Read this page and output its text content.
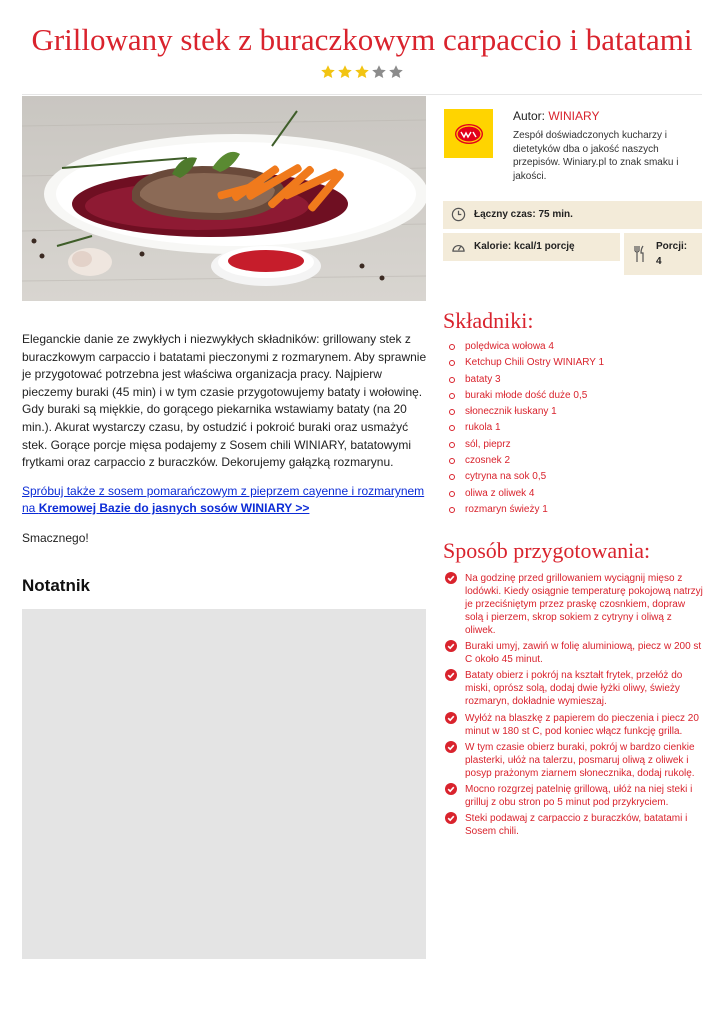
Grillowany stek z buraczkowym carpaccio i batatami
Autor: WINIARY
Zespół doświadczonych kucharzy i dietetyków dba o jakość naszych przepisów. Winiary.pl to znak smaku i jakości.
Łączny czas: 75 min.
Kalorie: kcal/1 porcję	Porcji:
4

Eleganckie danie ze zwykłych i niezwykłych składników: grillowany stek z buraczkowym carpaccio i batatami pieczonymi z rozmarynem. Aby sprawnie je przygotować potrzebna jest właściwa organizacja pracy. Najpierw pieczemy buraki (45 min) i w tym czasie przygotowujemy bataty i wołowinę. Gdy buraki są miękkie, do gorącego piekarnika wstawiamy bataty (na 20 min.). Akurat wystarczy czasu, by ostudzić i pokroić buraki oraz usmażyć stek. Gorące porcje mięsa podajemy z Sosem chili WINIARY, batatowymi frytkami oraz carpaccio z buraczków. Dekorujemy gałązką rozmarynu.

Spróbuj także z sosem pomarańczowym z pieprzem cayenne i rozmarynem na Kremowej Bazie do jasnych sosów WINIARY >>
Smacznego!
Notatnik
Składniki:
polędwica wołowa 4
Ketchup Chili Ostry WINIARY 1
bataty 3
buraki młode dość duże 0,5
słonecznik łuskany 1
rukola 1
sól, pieprz
czosnek 2
cytryna na sok 0,5
oliwa z oliwek 4
rozmaryn świeży 1
Sposób przygotowania:
Na godzinę przed grillowaniem wyciągnij mięso z lodówki. Kiedy osiągnie temperaturę pokojową natrzyj je przeciśniętym przez praskę czosnkiem, dopraw solą i pierzem, skrop sokiem z cytryny i oliwą z oliwek.
Buraki umyj, zawiń w folię aluminiową, piecz w 200 st C około 45 minut.
Bataty obierz i pokrój na kształt frytek, przełóż do miski, oprósz solą, dodaj dwie łyżki oliwy, świeży rozmaryn, dokładnie wymieszaj.
Wyłóż na blaszkę z papierem do pieczenia i piecz 20 minut w 180 st C, pod koniec włącz funkcję grilla.
W tym czasie obierz buraki, pokrój w bardzo cienkie plasterki, ułóż na talerzu, posmaruj oliwą z oliwek i posyp prażonym ziarnem słonecznika, dodaj rukolę.
Mocno rozgrzej patelnię grillową, ułóż na niej steki i grilluj z obu stron po 5 minut pod przykryciem.
Steki podawaj z carpaccio z buraczków, batatami i Sosem chili.
